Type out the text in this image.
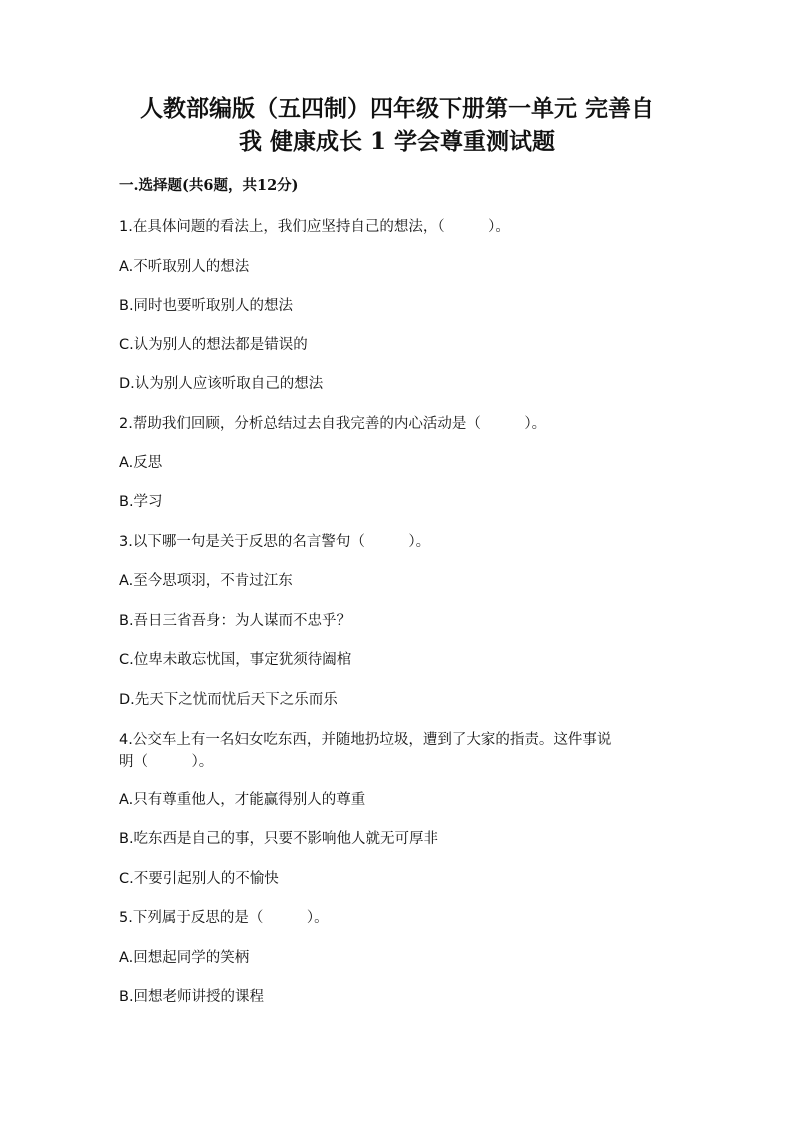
人教部编版（五四制）四年级下册第一单元 完善自
我 健康成长 1 学会尊重测试题
一.选择题(共6题，共12分)
1.在具体问题的看法上，我们应坚持自己的想法，（　　　）。
A.不听取别人的想法
B.同时也要听取别人的想法
C.认为别人的想法都是错误的
D.认为别人应该听取自己的想法
2.帮助我们回顾，分析总结过去自我完善的内心活动是（　　　）。
A.反思
B.学习
3.以下哪一句是关于反思的名言警句（　　　）。
A.至今思项羽，不肯过江东
B.吾日三省吾身：为人谋而不忠乎？
C.位卑未敢忘忧国，事定犹须待阖棺
D.先天下之忧而忧后天下之乐而乐
4.公交车上有一名妇女吃东西，并随地扔垃圾，遭到了大家的指责。这件事说
明（　　　）。
A.只有尊重他人，才能赢得别人的尊重
B.吃东西是自己的事，只要不影响他人就无可厚非
C.不要引起别人的不愉快
5.下列属于反思的是（　　　）。
A.回想起同学的笑柄
B.回想老师讲授的课程
